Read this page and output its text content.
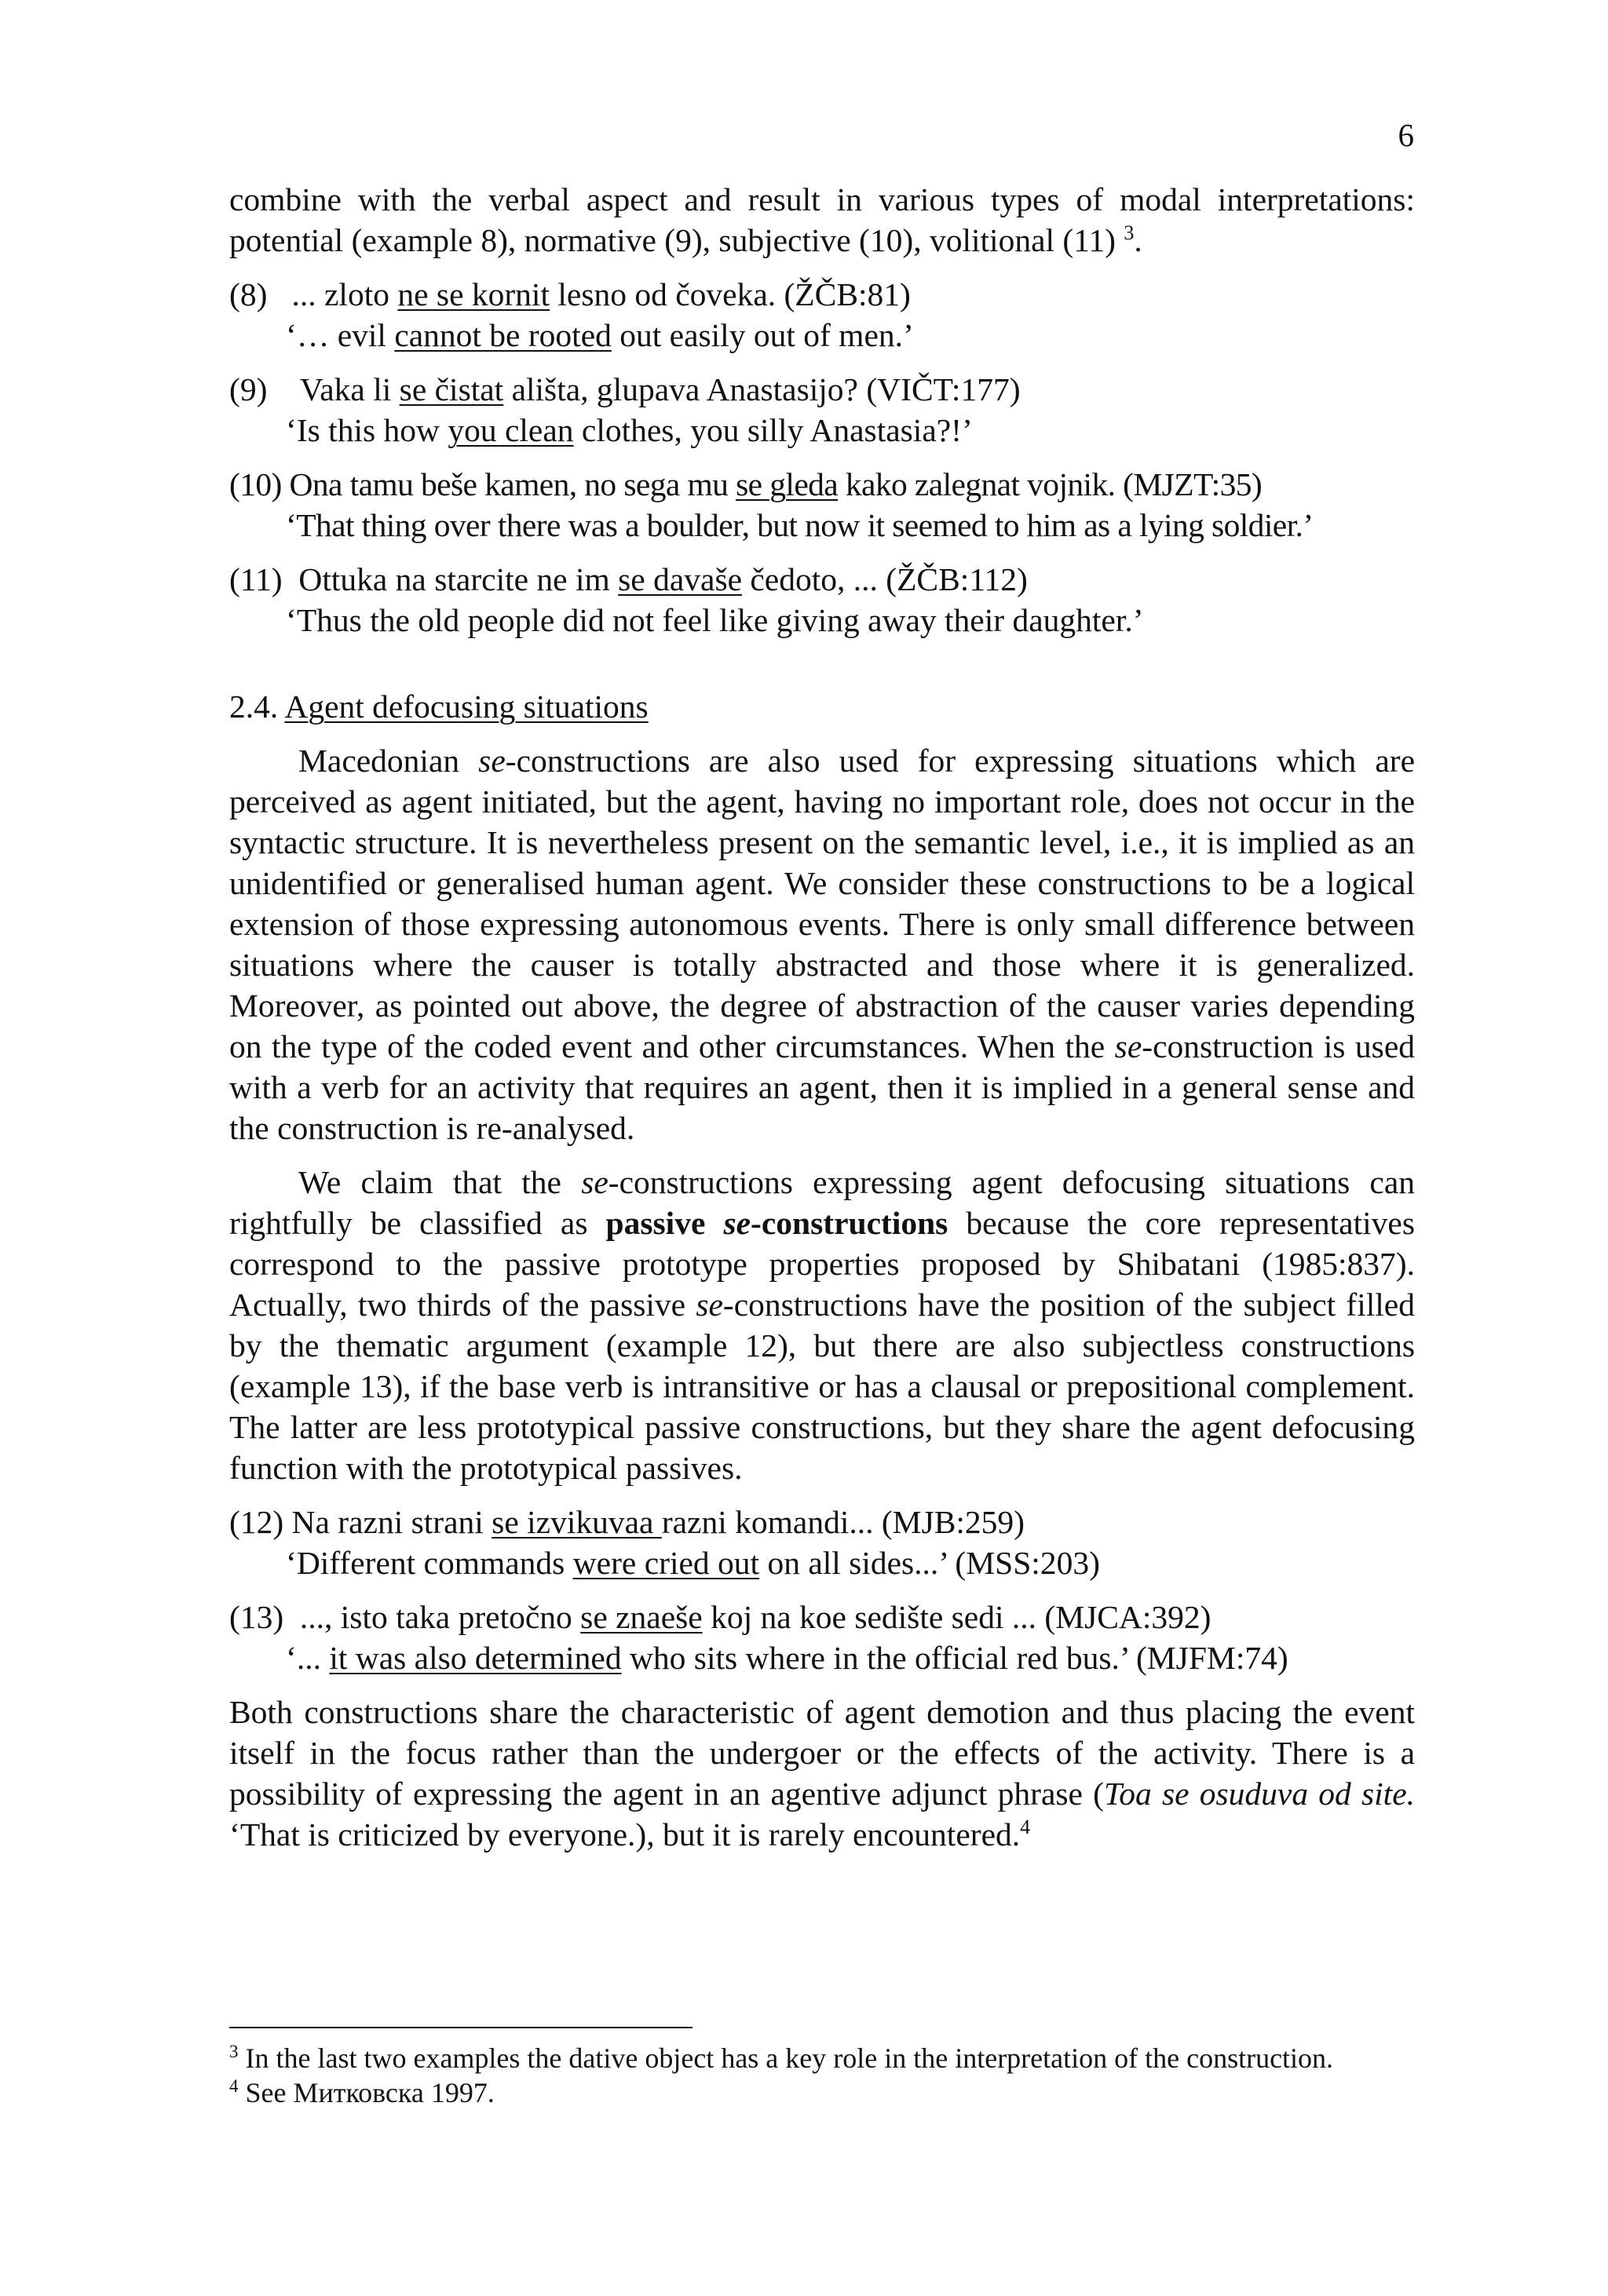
6

combine with the verbal aspect and result in various types of modal interpretations: potential (example 8), normative (9), subjective (10), volitional (11) $^3$.

(8) ... zloto ne se kornit lesno od čoveka. (ŽČB:81)
‘… evil cannot be rooted out easily out of men.’
(9) Vaka li se čistat ališta, glupava Anastasijo? (VIČT:177)
‘Is this how you clean clothes, you silly Anastasia?!’
(10) Ona tamu beše kamen, no sega mu se gleda kako zalegnat vojnik. (MJZT:35)
‘That thing over there was a boulder, but now it seemed to him as a lying soldier.’
(11) Ottuka na starcite ne im se davaše čedoto, ... (ŽČB:112)
‘Thus the old people did not feel like giving away their daughter.’
2.4. Agent defocusing situations

Macedonian se-constructions are also used for expressing situations which are perceived as agent initiated, but the agent, having no important role, does not occur in the syntactic structure. It is nevertheless present on the semantic level, i.e., it is implied as an unidentified or generalised human agent. We consider these constructions to be a logical extension of those expressing autonomous events. There is only small difference between situations where the causer is totally abstracted and those where it is generalized. Moreover, as pointed out above, the degree of abstraction of the causer varies depending on the type of the coded event and other circumstances. When the se-construction is used with a verb for an activity that requires an agent, then it is implied in a general sense and the construction is re-analysed.

We claim that the se-constructions expressing agent defocusing situations can rightfully be classified as passive se-constructions because the core representatives correspond to the passive prototype properties proposed by Shibatani (1985:837). Actually, two thirds of the passive se-constructions have the position of the subject filled by the thematic argument (example 12), but there are also subjectless constructions (example 13), if the base verb is intransitive or has a clausal or prepositional complement. The latter are less prototypical passive constructions, but they share the agent defocusing function with the prototypical passives.

(12) Na razni strani se izvikuvaa razni komandi... (MJB:259)
‘Different commands were cried out on all sides...’ (MSS:203)
(13) ..., isto taka pretočno se znaeše koj na koe sedište sedi ... (MJCA:392)
‘... it was also determined who sits where in the official red bus.’ (MJFM:74)

Both constructions share the characteristic of agent demotion and thus placing the event itself in the focus rather than the undergoer or the effects of the activity. There is a possibility of expressing the agent in an agentive adjunct phrase (Toa se osuduva od site. ‘That is criticized by everyone.), but it is rarely encountered.$^4$

$^3$ In the last two examples the dative object has a key role in the interpretation of the construction.
$^4$ See Митковска 1997.
